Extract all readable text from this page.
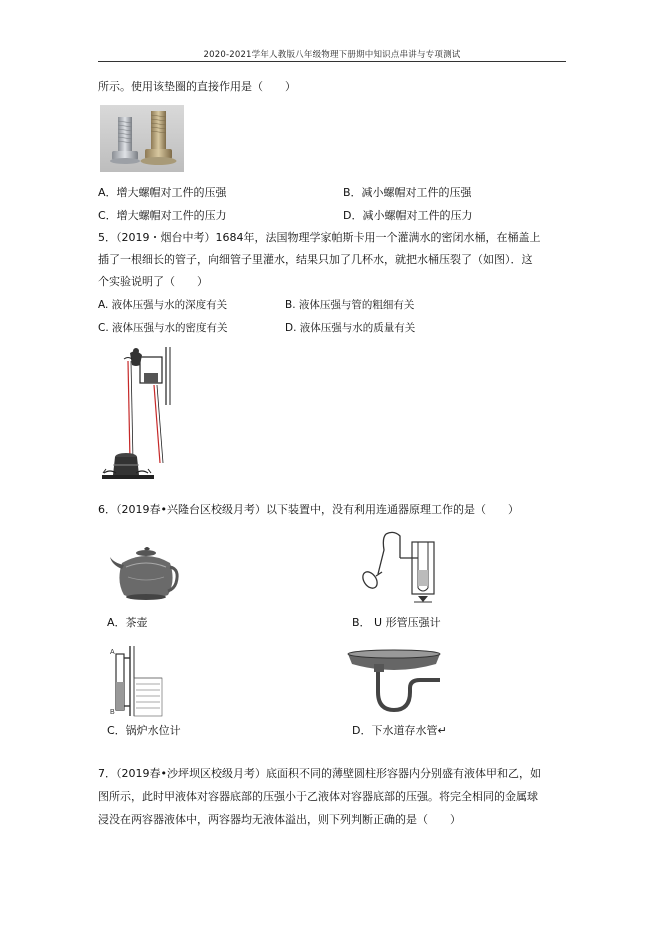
2020-2021学年人教版八年级物理下册期中知识点串讲与专项测试
所示。使用该垫圈的直接作用是（　　）
A．增大螺帽对工件的压强	B．减小螺帽对工件的压强
C．增大螺帽对工件的压力	D．减小螺帽对工件的压力
5．（2019・烟台中考）1684年，法国物理学家帕斯卡用一个灌满水的密闭水桶，在桶盖上
插了一根细长的管子，向细管子里灌水，结果只加了几杯水，就把水桶压裂了（如图）．这
个实验说明了（　　）
A. 液体压强与水的深度有关	B. 液体压强与管的粗细有关
C. 液体压强与水的密度有关	D. 液体压强与水的质量有关
6．（2019春•兴隆台区校级月考）以下装置中，没有利用连通器原理工作的是（　　）
A．茶壶	B． U 形管压强计
A
B
C．锅炉水位计	D．下水道存水管↵
7．（2019春•沙坪坝区校级月考）底面积不同的薄壁圆柱形容器内分别盛有液体甲和乙，如
图所示，此时甲液体对容器底部的压强小于乙液体对容器底部的压强。将完全相同的金属球
浸没在两容器液体中，两容器均无液体溢出，则下列判断正确的是（　　）
